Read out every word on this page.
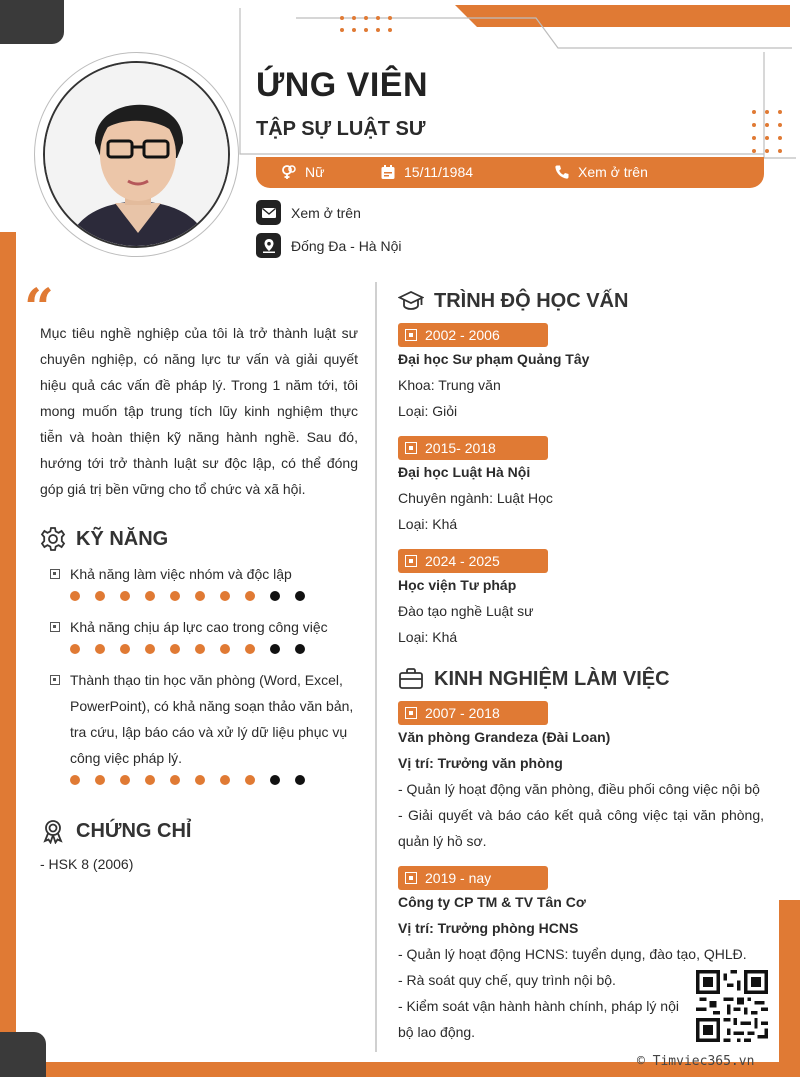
ỨNG VIÊN
TẬP SỰ LUẬT SƯ
Nữ	15/11/1984	Xem ở trên
Xem ở trên
Đống Đa - Hà Nội
“

Mục tiêu nghề nghiệp của tôi là trở thành luật sư chuyên nghiệp, có năng lực tư vấn và giải quyết hiệu quả các vấn đề pháp lý. Trong 1 năm tới, tôi mong muốn tập trung tích lũy kinh nghiệm thực tiễn và hoàn thiện kỹ năng hành nghề. Sau đó, hướng tới trở thành luật sư độc lập, có thể đóng góp giá trị bền vững cho tổ chức và xã hội.

KỸ NĂNG
Khả năng làm việc nhóm và độc lập
Khả năng chịu áp lực cao trong công việc
Thành thạo tin học văn phòng (Word, Excel, PowerPoint), có khả năng soạn thảo văn bản, tra cứu, lập báo cáo và xử lý dữ liệu phục vụ công việc pháp lý.
CHỨNG CHỈ
- HSK 8 (2006)
TRÌNH ĐỘ HỌC VẤN
2002 - 2006
Đại học Sư phạm Quảng Tây
Khoa: Trung văn
Loại: Giỏi
2015- 2018
Đại học Luật Hà Nội
Chuyên ngành: Luật Học
Loại: Khá
2024 - 2025
Học viện Tư pháp
Đào tạo nghề Luật sư
Loại: Khá
KINH NGHIỆM LÀM VIỆC
2007 - 2018
Văn phòng Grandeza (Đài Loan)
Vị trí: Trưởng văn phòng
- Quản lý hoạt động văn phòng, điều phối công việc nội bộ
- Giải quyết và báo cáo kết quả công việc tại văn phòng, quản lý hồ sơ.
2019 - nay
Công ty CP TM & TV Tân Cơ
Vị trí: Trưởng phòng HCNS
- Quản lý hoạt động HCNS: tuyển dụng, đào tạo, QHLĐ.
- Rà soát quy chế, quy trình nội bộ.
- Kiểm soát vận hành hành chính, pháp lý nội bộ lao động.
© Timviec365.vn
